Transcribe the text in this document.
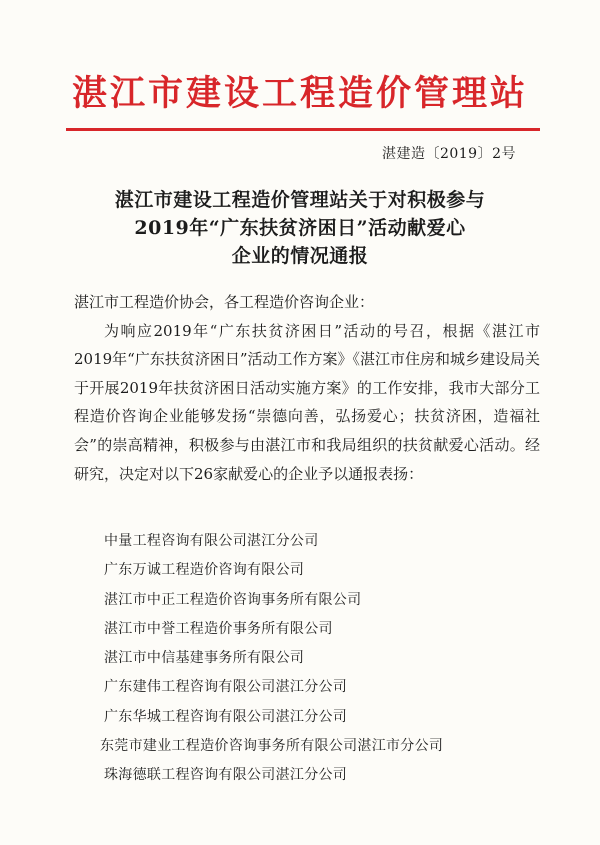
湛江市建设工程造价管理站
湛建造〔2019〕2号
湛江市建设工程造价管理站关于对积极参与
2019年“广东扶贫济困日”活动献爱心
企业的情况通报

湛江市工程造价协会，各工程造价咨询企业：

为响应2019年“广东扶贫济困日”活动的号召，根据《湛江市2019年“广东扶贫济困日”活动工作方案》《湛江市住房和城乡建设局关于开展2019年扶贫济困日活动实施方案》的工作安排，我市大部分工程造价咨询企业能够发扬“崇德向善，弘扬爱心；扶贫济困，造福社会”的崇高精神，积极参与由湛江市和我局组织的扶贫献爱心活动。经研究，决定对以下26家献爱心的企业予以通报表扬：

中量工程咨询有限公司湛江分公司
广东万诚工程造价咨询有限公司
湛江市中正工程造价咨询事务所有限公司
湛江市中誉工程造价事务所有限公司
湛江市中信基建事务所有限公司
广东建伟工程咨询有限公司湛江分公司
广东华城工程咨询有限公司湛江分公司
东莞市建业工程造价咨询事务所有限公司湛江市分公司
珠海德联工程咨询有限公司湛江分公司
